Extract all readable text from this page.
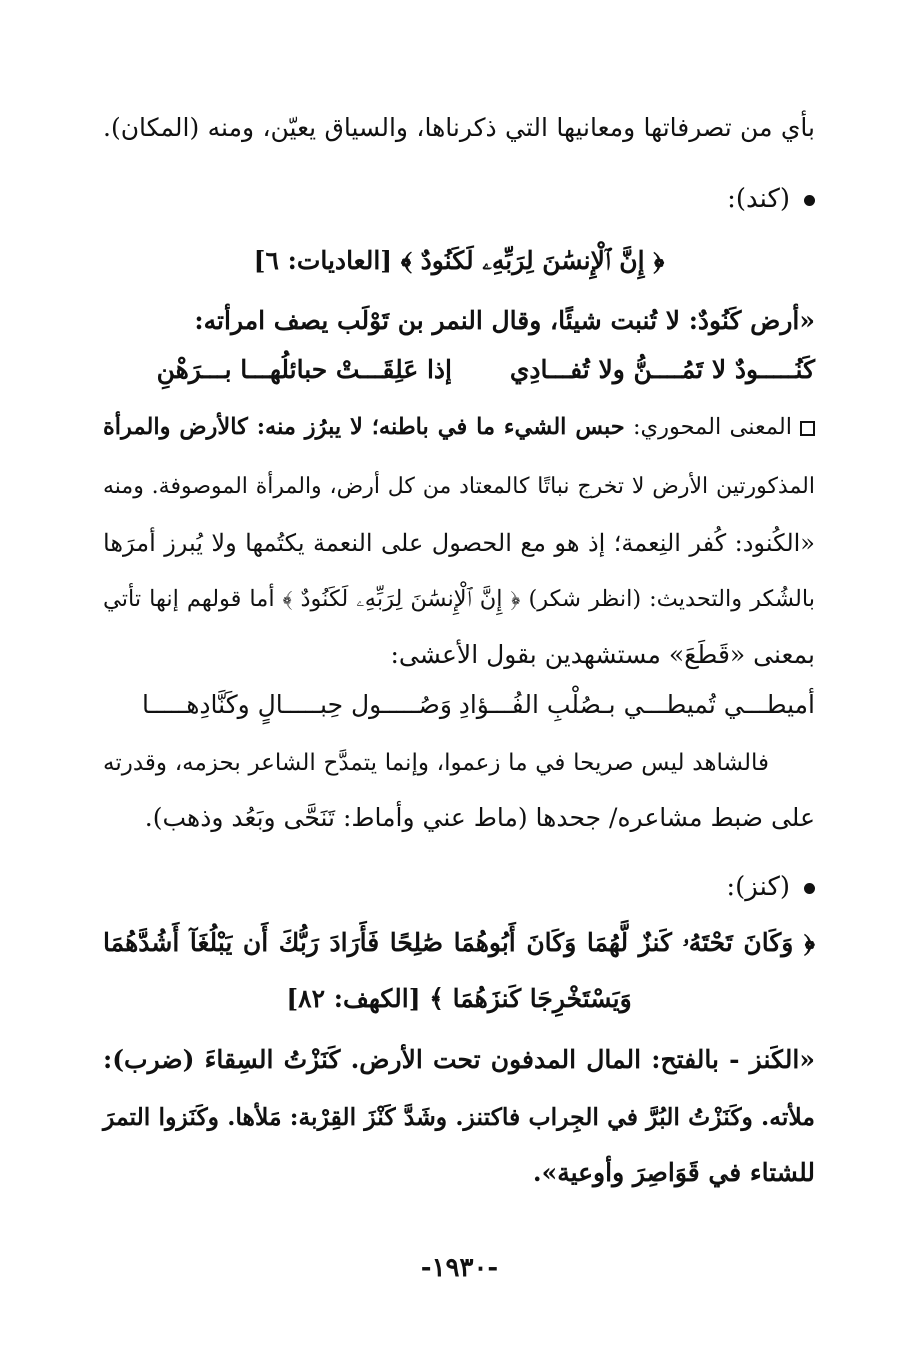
بأي من تصرفاتها ومعانيها التي ذكرناها، والسياق يعيّن، ومنه (المكان).
(كند):
﴿ إِنَّ ٱلْإِنسَٰنَ لِرَبِّهِۦ لَكَنُودٌ ﴾ [العاديات: ٦]
«أرض كَنُودٌ: لا تُنبت شيئًا، وقال النمر بن تَوْلَب يصف امرأته:
كَنُـــــودٌ لا تَمُــــنُّ ولا تُفـــادِي
إذا عَلِقَـــتْ حبائلُهـــا بـــرَهْنِ
المعنى المحوري: حبس الشيء ما في باطنه؛ لا يبرُز منه: كالأرض والمرأة
المذكورتين الأرض لا تخرج نباتًا كالمعتاد من كل أرض، والمرأة الموصوفة. ومنه
«الكُنود: كُفر النِعمة؛ إذ هو مع الحصول على النعمة يكتُمها ولا يُبرز أمرَها
بالشُكر والتحديث: (انظر شكر) ﴿ إِنَّ ٱلْإِنسَٰنَ لِرَبِّهِۦ لَكَنُودٌ ﴾ أما قولهم إنها تأتي
بمعنى «قَطَعَ» مستشهدين بقول الأعشى:
أميطـــي تُميطـــي بـصُلْبِ الفُـــؤادِ
وَصُـــــول حِبـــــالٍ وكَنَّادِهـــــا
فالشاهد ليس صريحا في ما زعموا، وإنما يتمدَّح الشاعر بحزمه، وقدرته
على ضبط مشاعره/ جحدها (ماط عني وأماط: تَنَحَّى وبَعُد وذهب).
(كنز):
﴿ وَكَانَ تَحْتَهُۥ كَنزٌ لَّهُمَا وَكَانَ أَبُوهُمَا صَٰلِحًا فَأَرَادَ رَبُّكَ أَن يَبْلُغَآ أَشُدَّهُمَا
وَيَسْتَخْرِجَا كَنزَهُمَا ﴾ [الكهف: ٨٢]
«الكَنز - بالفتح: المال المدفون تحت الأرض. كَنَزْتُ السِقاءَ (ضرب):
ملأته. وكَنَزْتُ البُرَّ في الجِراب فاكتنز. وشَدَّ كَنْزَ القِرْبة: مَلأها. وكَنَزوا التمرَ
للشتاء في قَوَاصِرَ وأوعية».
-١٩٣٠-
